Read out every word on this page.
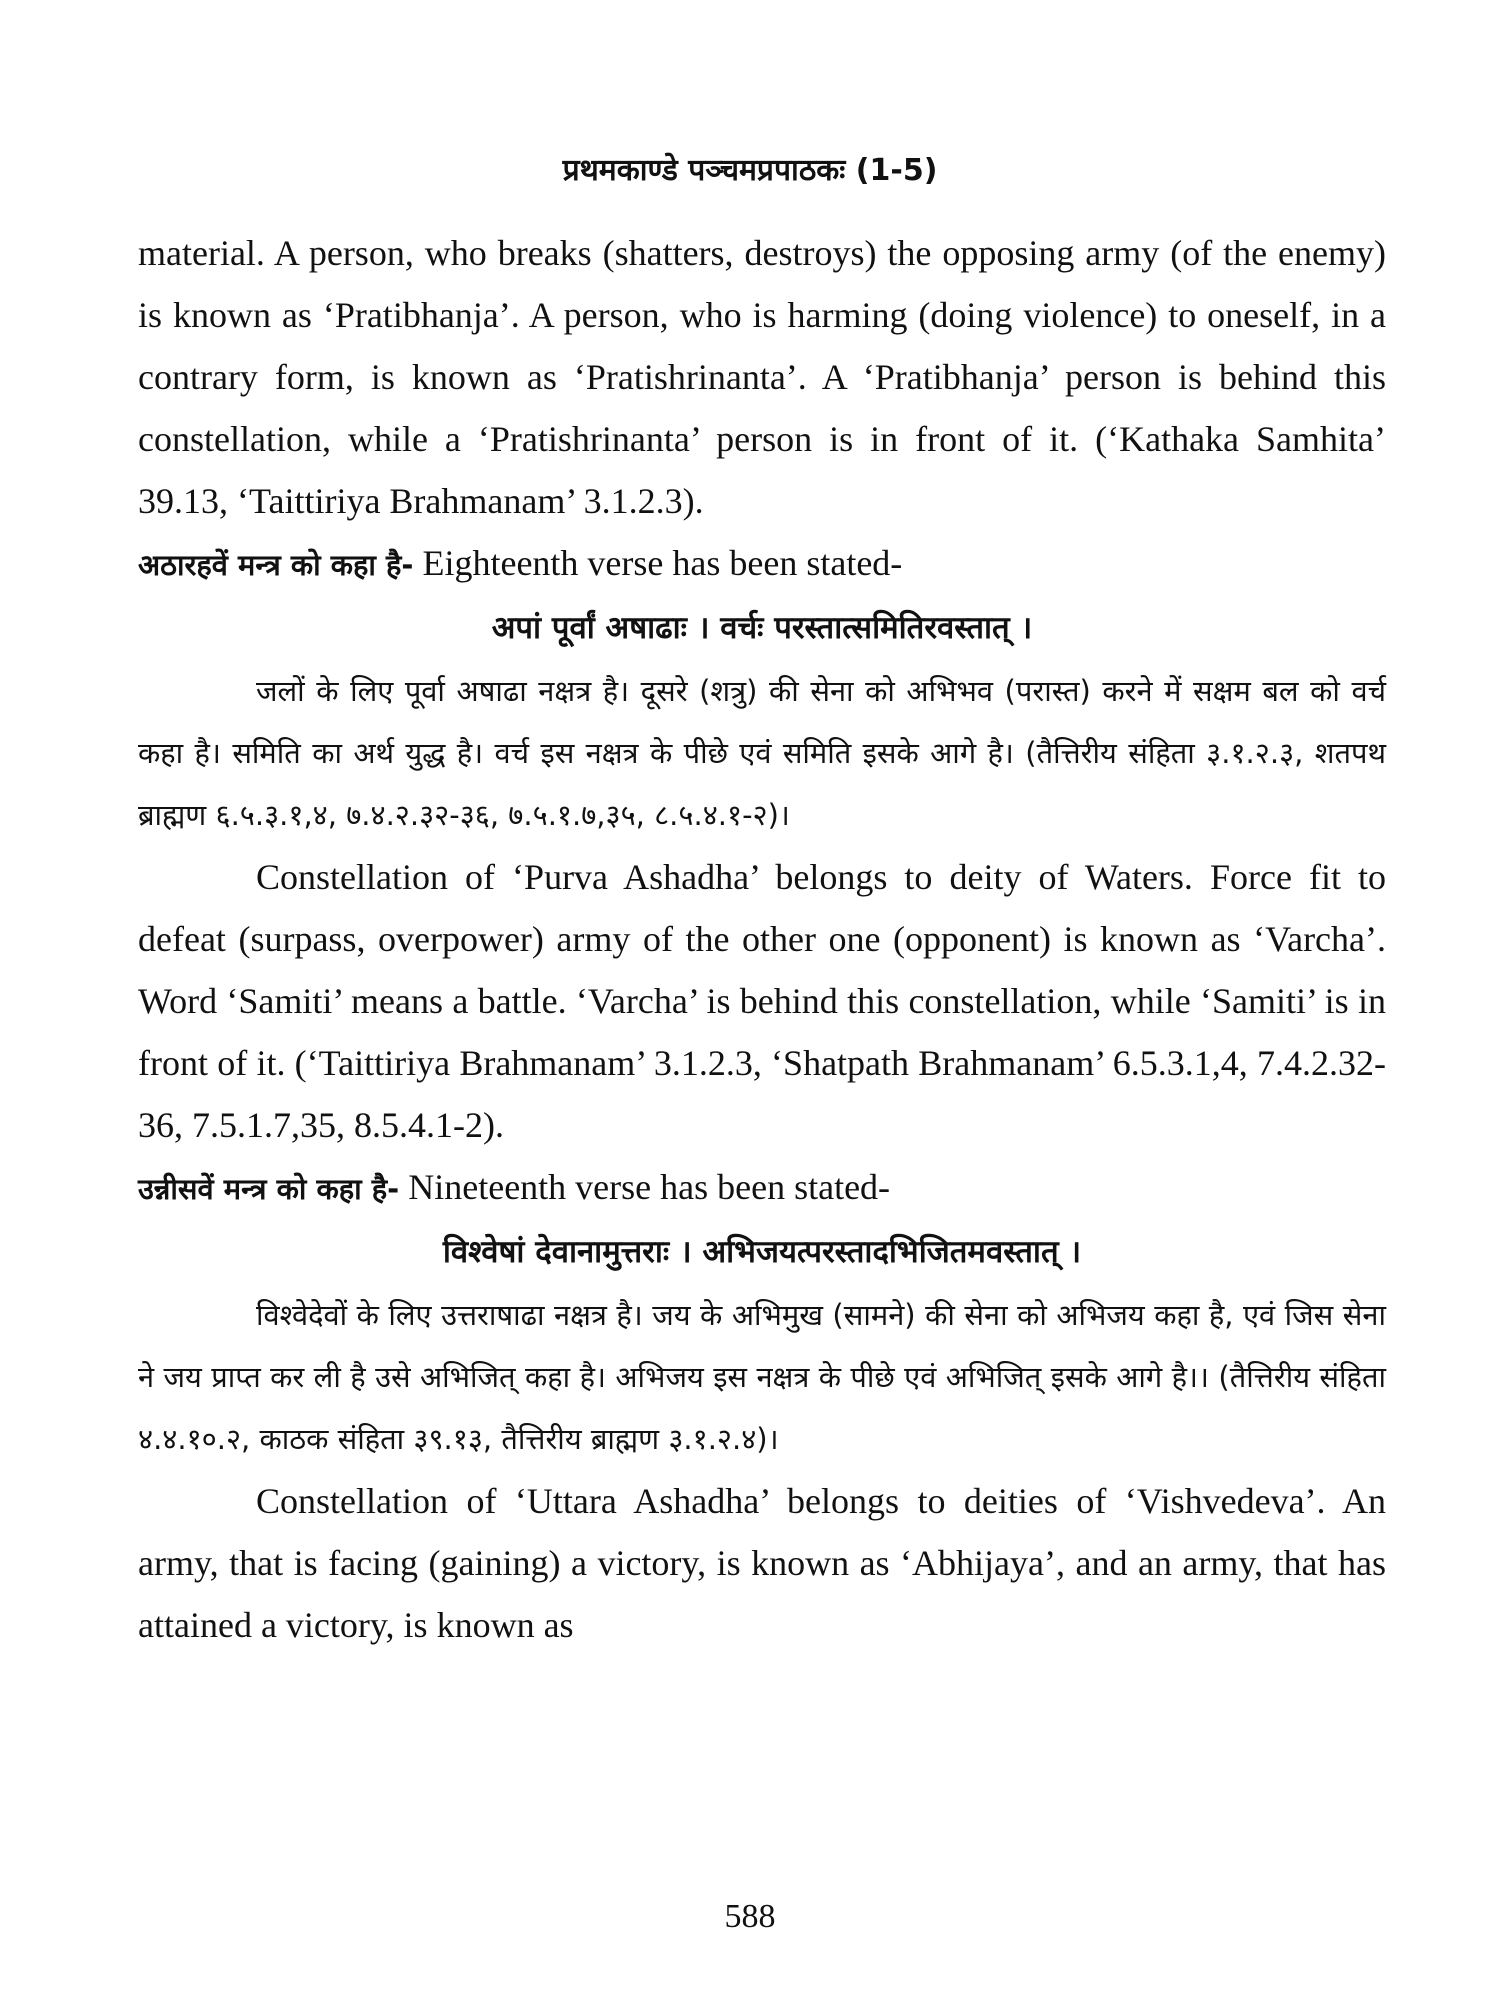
प्रथमकाण्डे पञ्चमप्रपाठकः (1-5)

material. A person, who breaks (shatters, destroys) the opposing army (of the enemy) is known as ‘Pratibhanja’. A person, who is harming (doing violence) to oneself, in a contrary form, is known as ‘Pratishrinanta’. A ‘Pratibhanja’ person is behind this constellation, while a ‘Pratishrinanta’ person is in front of it. (‘Kathaka Samhita’ 39.13, ‘Taittiriya Brahmanam’ 3.1.2.3).

अठारहवें मन्त्र को कहा है- Eighteenth verse has been stated-

अपां पूर्वां अषाढाः । वर्चः परस्तात्समितिरवस्तात् ।

जलों के लिए पूर्वा अषाढा नक्षत्र है। दूसरे (शत्रु) की सेना को अभिभव (परास्त) करने में सक्षम बल को वर्च कहा है। समिति का अर्थ युद्ध है। वर्च इस नक्षत्र के पीछे एवं समिति इसके आगे है। (तैत्तिरीय संहिता ३.१.२.३, शतपथ ब्राह्मण ६.५.३.१,४, ७.४.२.३२-३६, ७.५.१.७,३५, ८.५.४.१-२)।

Constellation of ‘Purva Ashadha’ belongs to deity of Waters. Force fit to defeat (surpass, overpower) army of the other one (opponent) is known as ‘Varcha’. Word ‘Samiti’ means a battle. ‘Varcha’ is behind this constellation, while ‘Samiti’ is in front of it. (‘Taittiriya Brahmanam’ 3.1.2.3, ‘Shatpath Brahmanam’ 6.5.3.1,4, 7.4.2.32-36, 7.5.1.7,35, 8.5.4.1-2).

उन्नीसवें मन्त्र को कहा है- Nineteenth verse has been stated-

विश्वेषां देवानामुत्तराः । अभिजयत्परस्तादभिजितमवस्तात् ।

विश्वेदेवों के लिए उत्तराषाढा नक्षत्र है। जय के अभिमुख (सामने) की सेना को अभिजय कहा है, एवं जिस सेना ने जय प्राप्त कर ली है उसे अभिजित् कहा है। अभिजय इस नक्षत्र के पीछे एवं अभिजित् इसके आगे है।। (तैत्तिरीय संहिता ४.४.१०.२, काठक संहिता ३९.१३, तैत्तिरीय ब्राह्मण ३.१.२.४)।

Constellation of ‘Uttara Ashadha’ belongs to deities of ‘Vishvedeva’. An army, that is facing (gaining) a victory, is known as ‘Abhijaya’, and an army, that has attained a victory, is known as

588
